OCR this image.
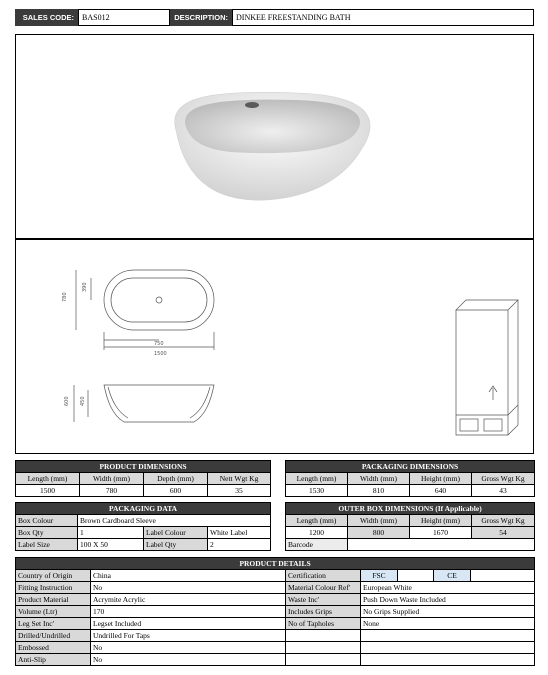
SALES CODE:	BAS012	DESCRIPTION:	DINKEE FREESTANDING BATH
750
1500
780
390
600 450
PRODUCT DIMENSIONS			
Length (mm)	Width (mm)	Depth (mm)	Nett Wgt Kg
1500	780	600	35
PACKAGING DIMENSIONS			
Length (mm)	Width (mm)	Height (mm)	Gross Wgt Kg
1530	810	640	43
PACKAGING DATA			
Box Colour	Brown Cardboard Sleeve		
Box Qty	1	Label Colour	White Label
Label Size	100 X 50	Label Qty	2
OUTER BOX DIMENSIONS (If Applicable)			
Length (mm)	Width (mm)	Height (mm)	Gross Wgt Kg
1200	800	1670	54
Barcode			
PRODUCT DETAILS						
Country of Origin	China	Certification	FSC		CE	
Fitting Instruction	No	Material Colour Ref'	European White			
Product Material	Acrymite Acrylic	Waste Inc'	Push Down Waste Included			
Volume (Ltr)	170	Includes Grips	No Grips Supplied			
Leg Set Inc'	Legset Included	No of Tapholes	None			
Drilled/Undrilled	Undrilled For Taps					
Embossed	No					
Anti-Slip	No					
